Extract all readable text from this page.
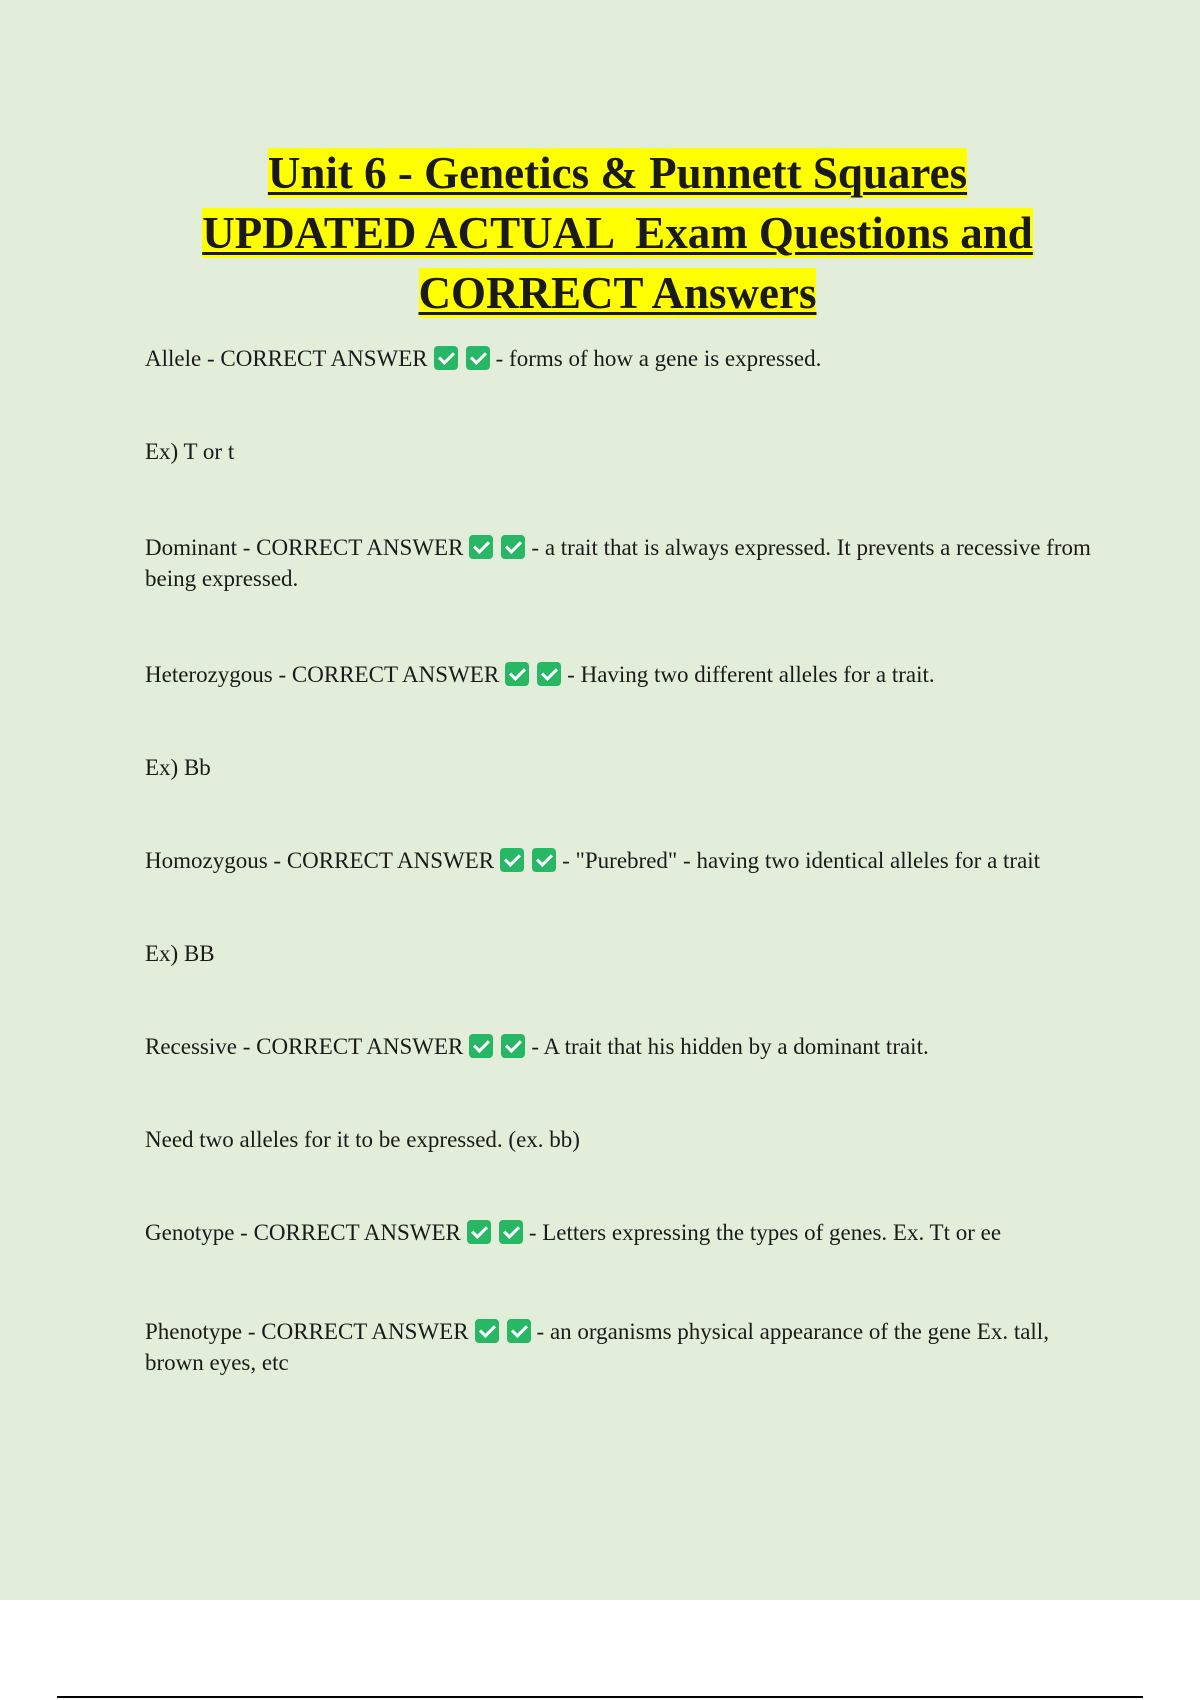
Unit 6 - Genetics & Punnett Squares
UPDATED ACTUAL  Exam Questions and
CORRECT Answers

Allele - CORRECT ANSWER	- forms of how a gene is expressed.

Ex) T or t

Dominant - CORRECT ANSWER	- a trait that is always expressed. It prevents a recessive from being expressed.

Heterozygous - CORRECT ANSWER	- Having two different alleles for a trait.

Ex) Bb

Homozygous - CORRECT ANSWER	- "Purebred" - having two identical alleles for a trait

Ex) BB

Recessive - CORRECT ANSWER	- A trait that his hidden by a dominant trait.

Need two alleles for it to be expressed. (ex. bb)

Genotype - CORRECT ANSWER	- Letters expressing the types of genes. Ex. Tt or ee

Phenotype - CORRECT ANSWER	- an organisms physical appearance of the gene Ex. tall, brown eyes, etc
